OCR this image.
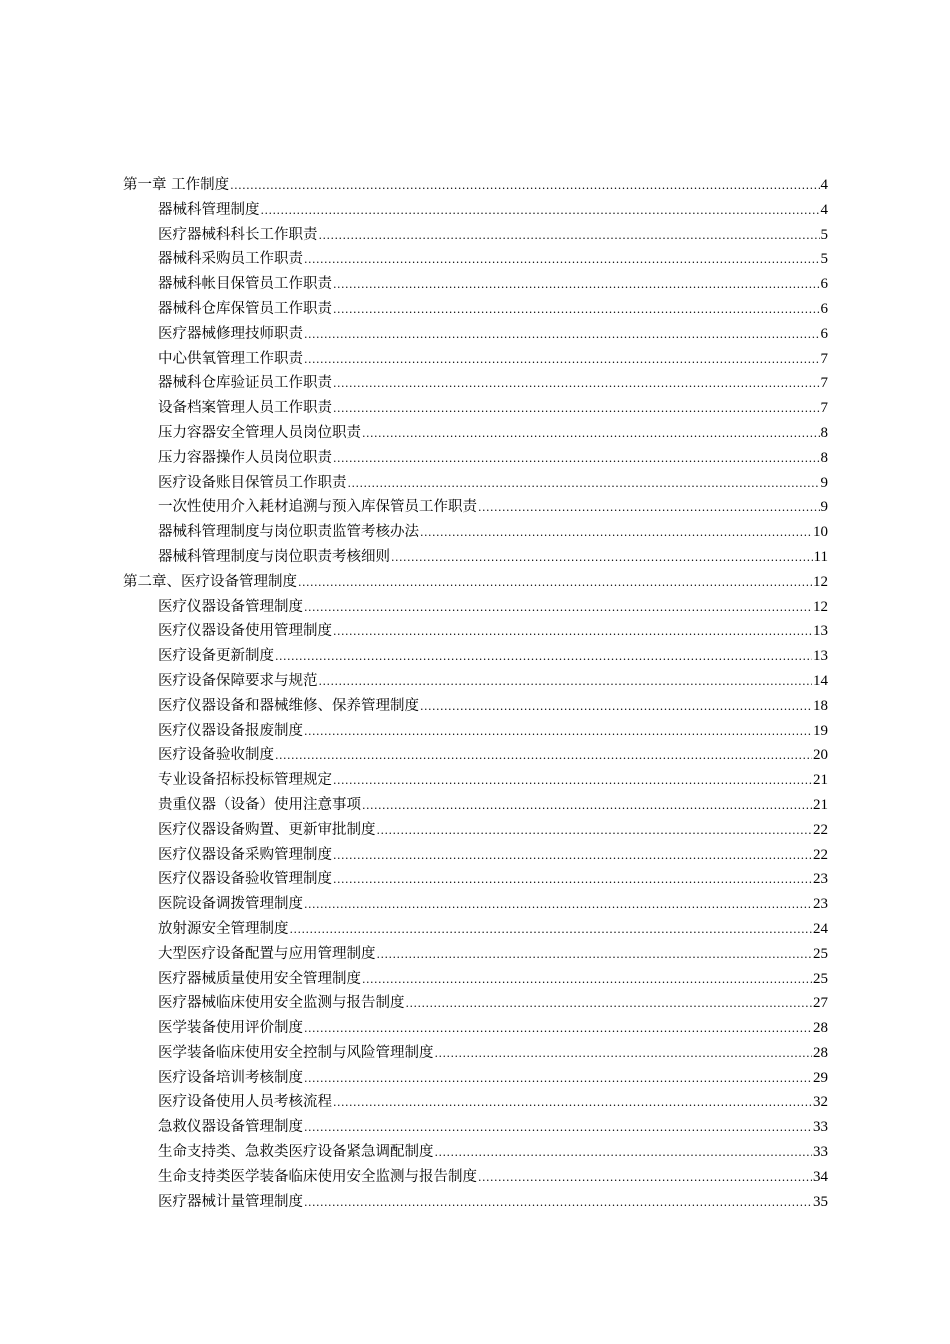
第一章 工作制度 .....	4
器械科管理制度 .....	4
医疗器械科科长工作职责 .....	5
器械科采购员工作职责 .....	5
器械科帐目保管员工作职责 .....	6
器械科仓库保管员工作职责 .....	6
医疗器械修理技师职责 .....	6
中心供氧管理工作职责 .....	7
器械科仓库验证员工作职责 .....	7
设备档案管理人员工作职责 .....	7
压力容器安全管理人员岗位职责 .....	8
压力容器操作人员岗位职责 .....	8
医疗设备账目保管员工作职责 .....	9
一次性使用介入耗材追溯与预入库保管员工作职责 .....	9
器械科管理制度与岗位职责监管考核办法 .....	10
器械科管理制度与岗位职责考核细则 .....	11
第二章、医疗设备管理制度 .....	12
医疗仪器设备管理制度 .....	12
医疗仪器设备使用管理制度 .....	13
医疗设备更新制度 .....	13
医疗设备保障要求与规范 .....	14
医疗仪器设备和器械维修、保养管理制度 .....	18
医疗仪器设备报废制度 .....	19
医疗设备验收制度 .....	20
专业设备招标投标管理规定 .....	21
贵重仪器（设备）使用注意事项 .....	21
医疗仪器设备购置、更新审批制度 .....	22
医疗仪器设备采购管理制度 .....	22
医疗仪器设备验收管理制度 .....	23
医院设备调拨管理制度 .....	23
放射源安全管理制度 .....	24
大型医疗设备配置与应用管理制度 .....	25
医疗器械质量使用安全管理制度 .....	25
医疗器械临床使用安全监测与报告制度 .....	27
医学装备使用评价制度 .....	28
医学装备临床使用安全控制与风险管理制度 .....	28
医疗设备培训考核制度 .....	29
医疗设备使用人员考核流程 .....	32
急救仪器设备管理制度 .....	33
生命支持类、急救类医疗设备紧急调配制度 .....	33
生命支持类医学装备临床使用安全监测与报告制度 .....	34
医疗器械计量管理制度 .....	35
